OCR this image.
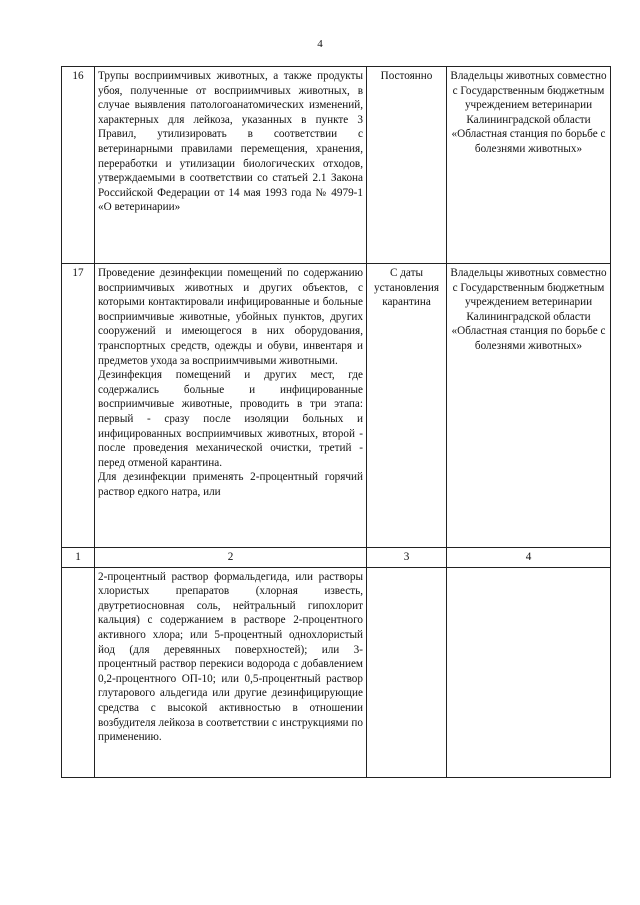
4
16	Трупы восприимчивых животных, а также продукты убоя, полученные от восприимчивых животных, в случае выявления патологоанатомических изменений, характерных для лейкоза, указанных в пункте 3 Правил, утилизировать в соответствии с ветеринарными правилами перемещения, хранения, переработки и утилизации биологических отходов, утверждаемыми в соответствии со статьей 2.1 Закона Российской Федерации от 14 мая 1993 года № 4979-1 «О ветеринарии»	Постоянно	Владельцы животных совместно с Государственным бюджетным учреждением ветеринарии Калининградской области «Областная станция по борьбе с болезнями животных»
17	Проведение дезинфекции помещений по содержанию восприимчивых животных и других объектов, с которыми контактировали инфицированные и больные восприимчивые животные, убойных пунктов, других сооружений и имеющегося в них оборудования, транспортных средств, одежды и обуви, инвентаря и предметов ухода за восприимчивыми животными.

Дезинфекция помещений и других мест, где содержались больные и инфицированные восприимчивые животные, проводить в три этапа: первый - сразу после изоляции больных и инфицированных восприимчивых животных, второй - после проведения механической очистки, третий - перед отменой карантина.

Для дезинфекции применять 2-процентный горячий раствор едкого натра, или	С даты установления карантина	Владельцы животных совместно с Государственным бюджетным учреждением ветеринарии Калининградской области «Областная станция по борьбе с болезнями животных»
1	2	3	4

	2-процентный раствор формальдегида, или растворы хлористых препаратов (хлорная известь, двутретиосновная соль, нейтральный гипохлорит кальция) с содержанием в растворе 2-процентного активного хлора; или 5-процентный однохлористый йод (для деревянных поверхностей); или 3-процентный раствор перекиси водорода с добавлением 0,2-процентного ОП-10; или 0,5-процентный раствор глутарового альдегида или другие дезинфицирующие средства с высокой активностью в отношении возбудителя лейкоза в соответствии с инструкциями по применению.		
